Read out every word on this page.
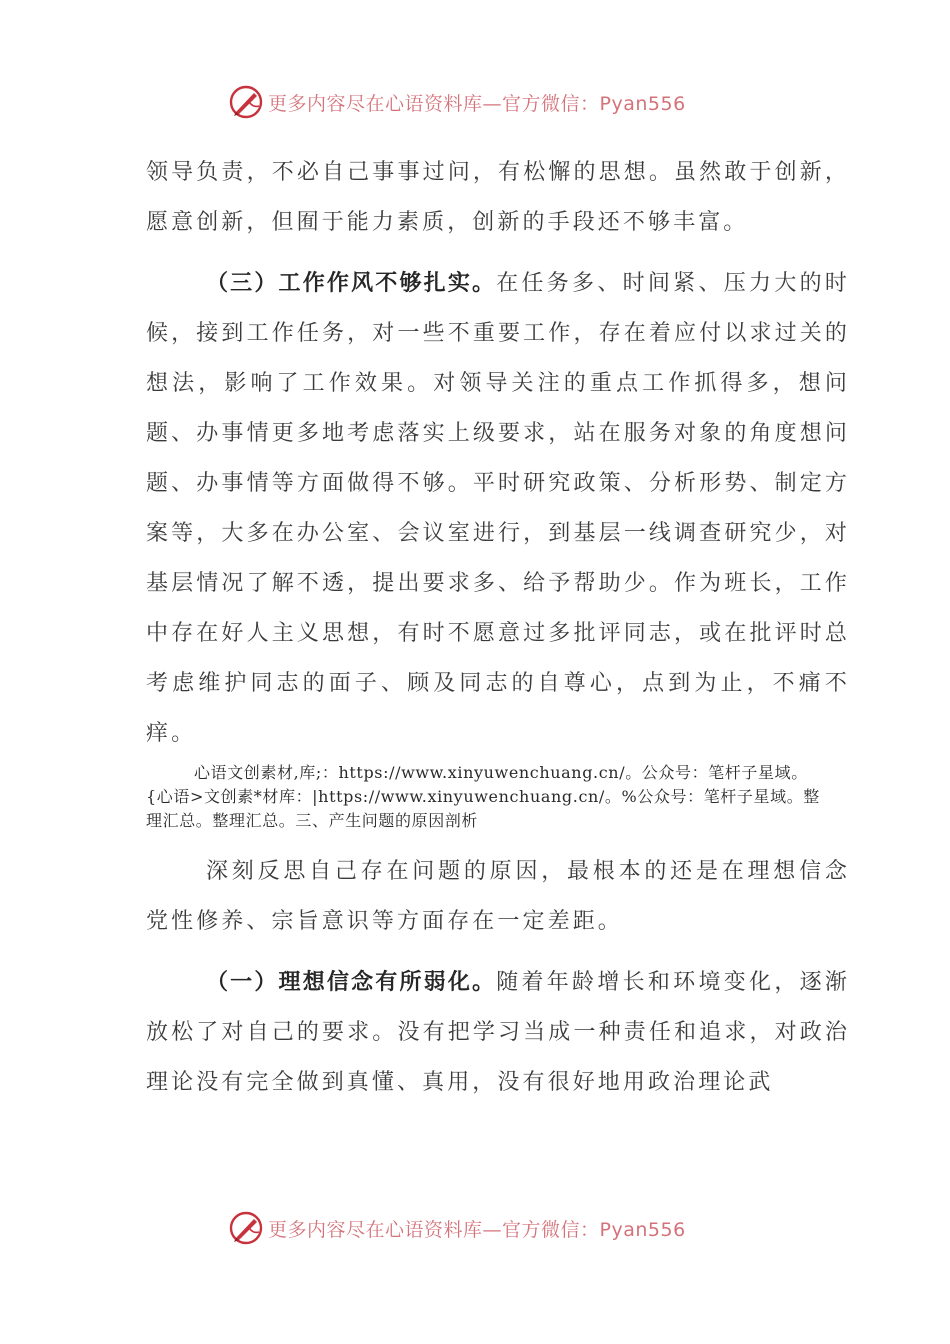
更多内容尽在心语资料库—官方微信：Pyan556

领导负责，不必自己事事过问，有松懈的思想。虽然敢于创新，愿意创新，但囿于能力素质，创新的手段还不够丰富。

（三）工作作风不够扎实。在任务多、时间紧、压力大的时候，接到工作任务，对一些不重要工作，存在着应付以求过关的想法，影响了工作效果。对领导关注的重点工作抓得多，想问题、办事情更多地考虑落实上级要求，站在服务对象的角度想问题、办事情等方面做得不够。平时研究政策、分析形势、制定方案等，大多在办公室、会议室进行，到基层一线调查研究少，对基层情况了解不透，提出要求多、给予帮助少。作为班长，工作中存在好人主义思想，有时不愿意过多批评同志，或在批评时总考虑维护同志的面子、顾及同志的自尊心，点到为止，不痛不痒。

心语文创素材,库;：https://www.xinyuwenchuang.cn/。公众号：笔杆子星域。
{心语>文创素*材库：|https://www.xinyuwenchuang.cn/。%公众号：笔杆子星域。整
理汇总。整理汇总。三、产生问题的原因剖析

深刻反思自己存在问题的原因，最根本的还是在理想信念党性修养、宗旨意识等方面存在一定差距。

（一）理想信念有所弱化。随着年龄增长和环境变化，逐渐放松了对自己的要求。没有把学习当成一种责任和追求，对政治理论没有完全做到真懂、真用，没有很好地用政治理论武

更多内容尽在心语资料库—官方微信：Pyan556
